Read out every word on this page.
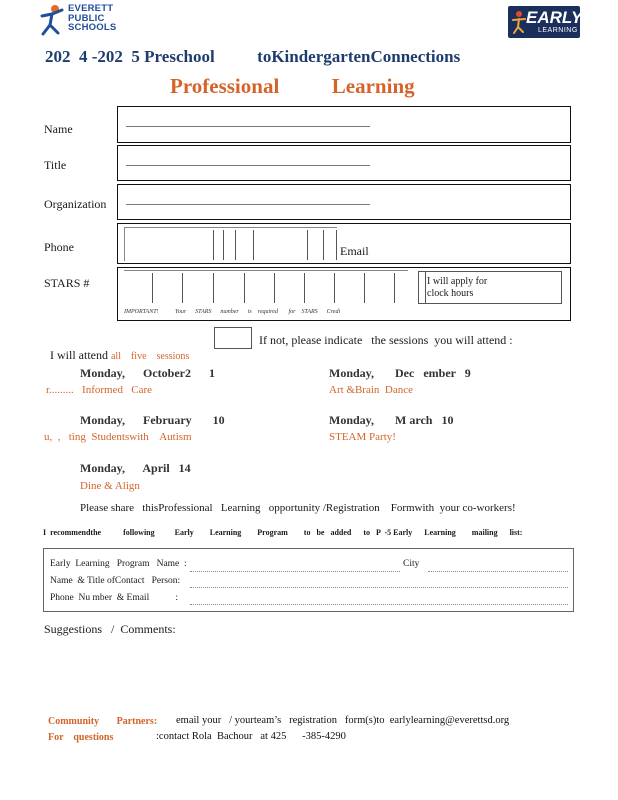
EVERETT
PUBLIC
SCHOOLS
EARLY
LEARNING
202  4 -202  5 Preschool          toKindergartenConnections
Professional          Learning
Name
Title
Organization
Phone	Email
STARS #
IMPORTANT!           Your      STARS      number      is    required       for    STARS      Credi
I will apply for
clock hours

I will attend all    five    sessions

If not, please indicate   the sessions  you will attend :
Monday,      October2      1
r.........   Informed   Care
Monday,       Dec   ember   9
Art &Brain  Dance
Monday,      February       10
u,  ,   ting  Studentswith    Autism
Monday,       M arch   10
STEAM Party!
Monday,      April   14
Dine & Align
Please share   thisProfessional   Learning   opportunity /Registration    Formwith  your co-workers!
I  recommendthe           following          Early        Learning        Program        to   be   added      to   P  -5 Early      Learning        mailing      list:
Early  Learning   Program   Name  :	City
Name  & Title ofContact   Person:
Phone  Nu mber  & Email           :
Suggestions   /  Comments:
Community       Partners: email your   / yourteam’s   registration   form(s)to  earlylearning@everettsd.org
For    questions	:contact Rola  Bachour   at 425      -385-4290
